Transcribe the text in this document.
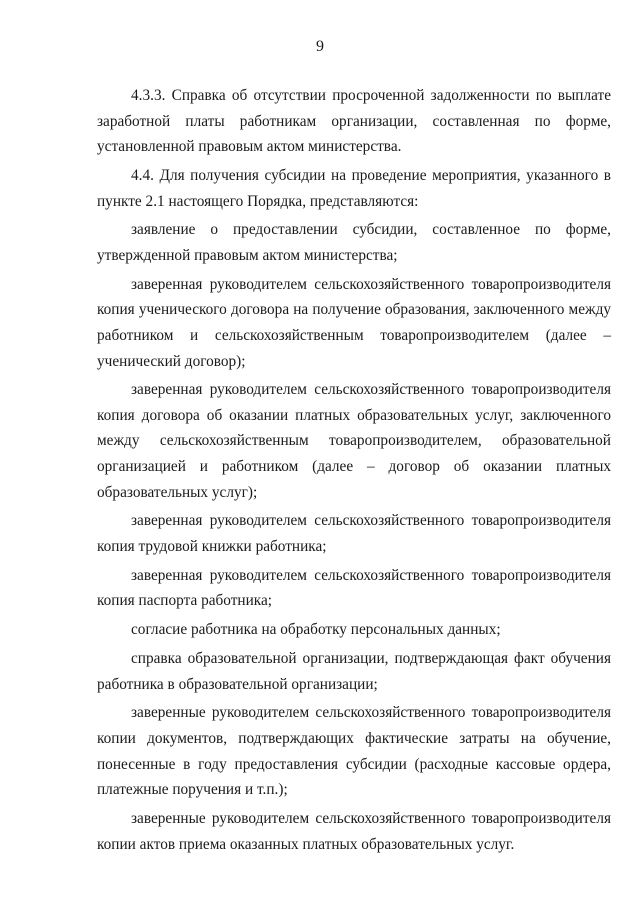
9

4.3.3. Справка об отсутствии просроченной задолженности по выплате заработной платы работникам организации, составленная по форме, установленной правовым актом министерства.

4.4. Для получения субсидии на проведение мероприятия, указанного в пункте 2.1 настоящего Порядка, представляются:

заявление о предоставлении субсидии, составленное по форме, утвержденной правовым актом министерства;

заверенная руководителем сельскохозяйственного товаропроизводителя копия ученического договора на получение образования, заключенного между работником и сельскохозяйственным товаропроизводителем (далее – ученический договор);

заверенная руководителем сельскохозяйственного товаропроизводителя копия договора об оказании платных образовательных услуг, заключенного между сельскохозяйственным товаропроизводителем, образовательной организацией и работником (далее – договор об оказании платных образовательных услуг);

заверенная руководителем сельскохозяйственного товаропроизводителя копия трудовой книжки работника;

заверенная руководителем сельскохозяйственного товаропроизводителя копия паспорта работника;

согласие работника на обработку персональных данных;

справка образовательной организации, подтверждающая факт обучения работника в образовательной организации;

заверенные руководителем сельскохозяйственного товаропроизводителя копии документов, подтверждающих фактические затраты на обучение, понесенные в году предоставления субсидии (расходные кассовые ордера, платежные поручения и т.п.);

заверенные руководителем сельскохозяйственного товаропроизводителя копии актов приема оказанных платных образовательных услуг.
